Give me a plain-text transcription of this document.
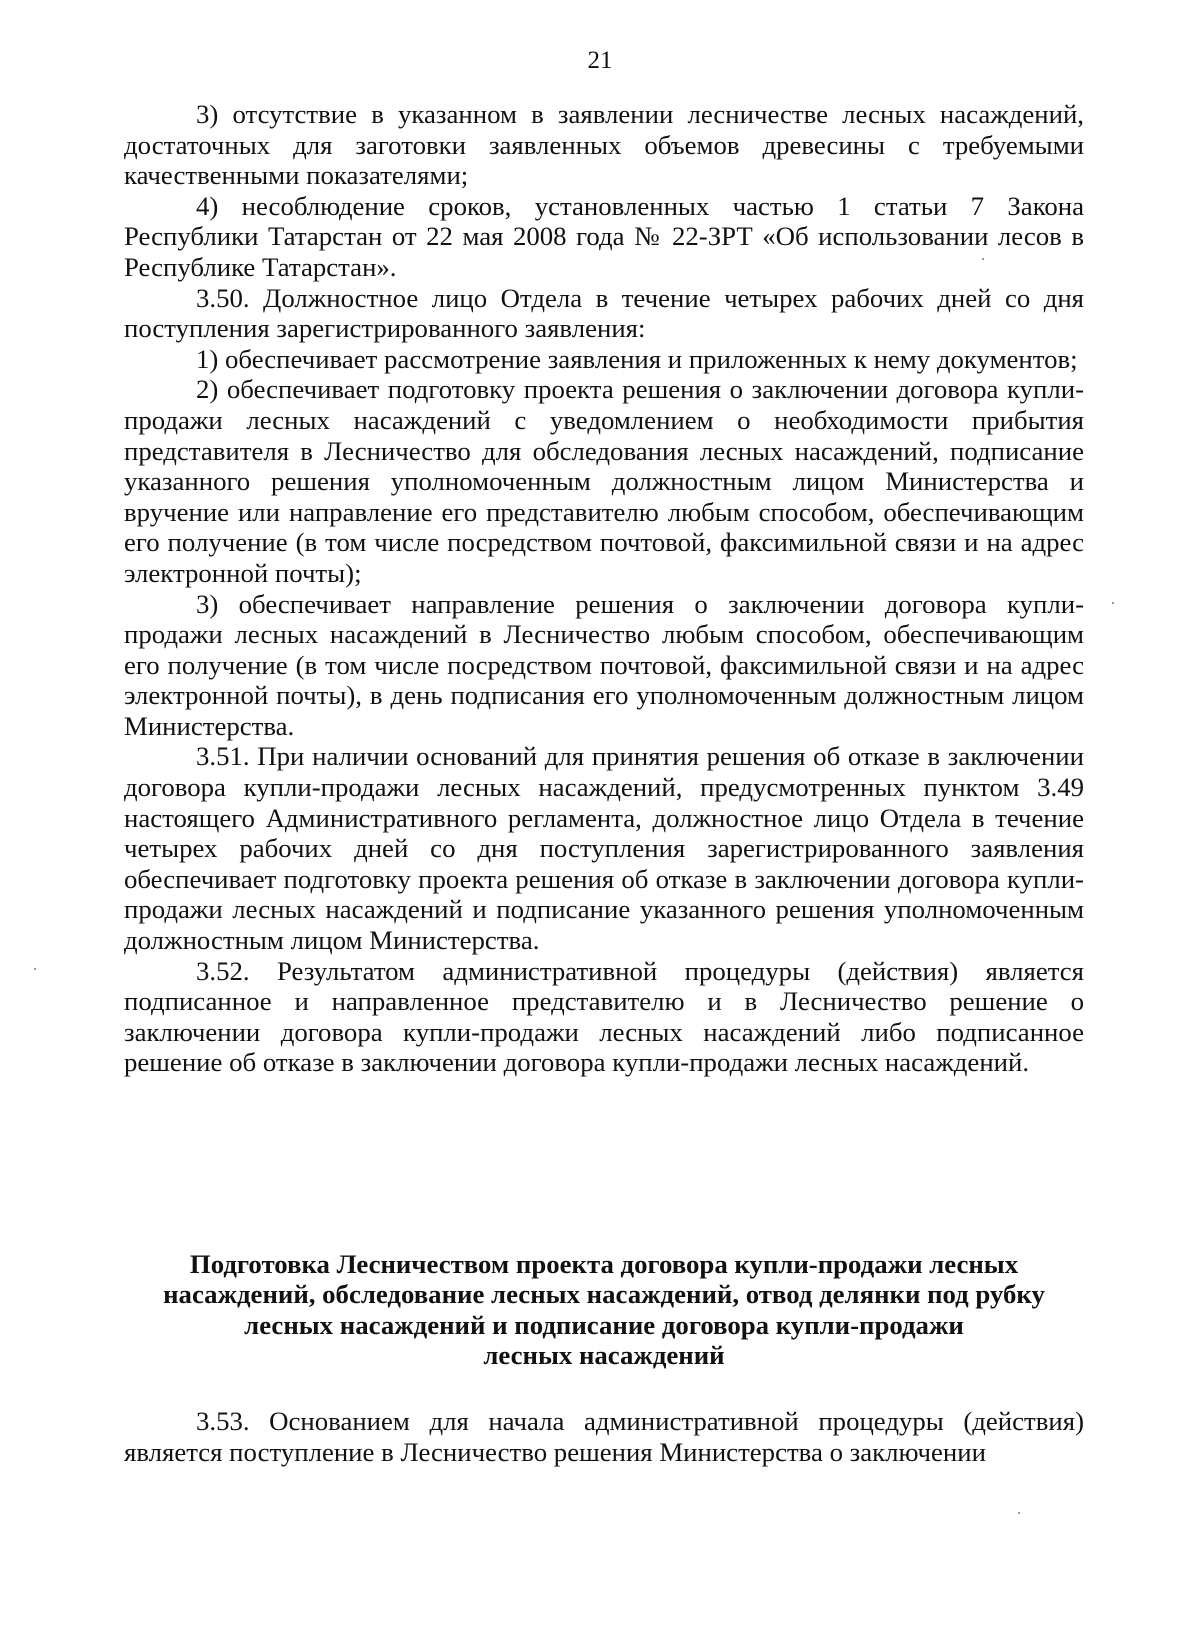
21

3) отсутствие в указанном в заявлении лесничестве лесных насаждений, достаточных для заготовки заявленных объемов древесины с требуемыми качественными показателями;

4) несоблюдение сроков, установленных частью 1 статьи 7 Закона Республики Татарстан от 22 мая 2008 года № 22-ЗРТ «Об использовании лесов в Республике Татарстан».

3.50. Должностное лицо Отдела в течение четырех рабочих дней со дня поступления зарегистрированного заявления:

1) обеспечивает рассмотрение заявления и приложенных к нему документов;

2) обеспечивает подготовку проекта решения о заключении договора купли-продажи лесных насаждений с уведомлением о необходимости прибытия представителя в Лесничество для обследования лесных насаждений, подписание указанного решения уполномоченным должностным лицом Министерства и вручение или направление его представителю любым способом, обеспечивающим его получение (в том числе посредством почтовой, факсимильной связи и на адрес электронной почты);

3) обеспечивает направление решения о заключении договора купли-продажи лесных насаждений в Лесничество любым способом, обеспечивающим его получение (в том числе посредством почтовой, факсимильной связи и на адрес электронной почты), в день подписания его уполномоченным должностным лицом Министерства.

3.51. При наличии оснований для принятия решения об отказе в заключении договора купли-продажи лесных насаждений, предусмотренных пунктом 3.49 настоящего Административного регламента, должностное лицо Отдела в течение четырех рабочих дней со дня поступления зарегистрированного заявления обеспечивает подготовку проекта решения об отказе в заключении договора купли-продажи лесных насаждений и подписание указанного решения уполномоченным должностным лицом Министерства.

3.52. Результатом административной процедуры (действия) является подписанное и направленное представителю и в Лесничество решение о заключении договора купли-продажи лесных насаждений либо подписанное решение об отказе в заключении договора купли-продажи лесных насаждений.

Подготовка Лесничеством проекта договора купли-продажи лесных
насаждений, обследование лесных насаждений, отвод делянки под рубку
лесных насаждений и подписание договора купли-продажи
лесных насаждений

3.53. Основанием для начала административной процедуры (действия) является поступление в Лесничество решения Министерства о заключении
